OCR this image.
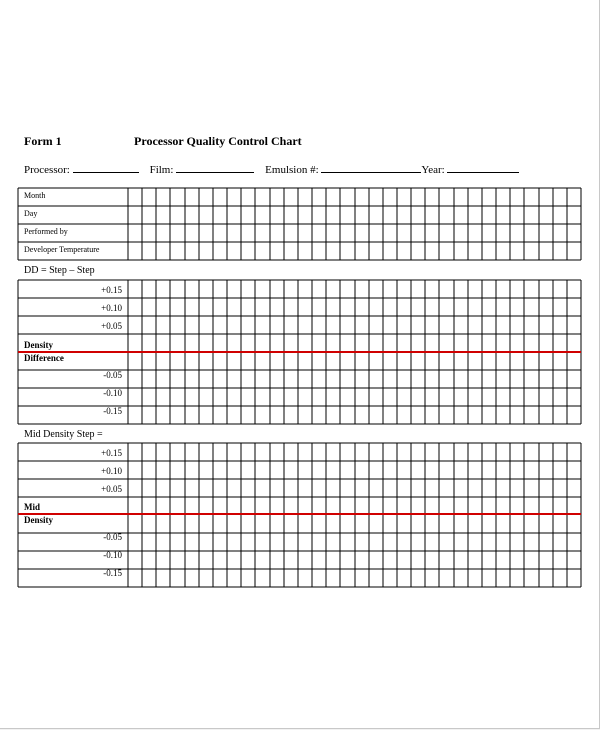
Form 1	Processor Quality Control Chart
Processor:	Film:	Emulsion #:	Year:
DD = Step – Step
Mid Density Step =
Month
Day
Performed by
Developer Temperature
+0.15
+0.10
+0.05
Density
Difference
-0.05
-0.10
-0.15
+0.15
+0.10
+0.05
Mid
Density
-0.05
-0.10
-0.15
